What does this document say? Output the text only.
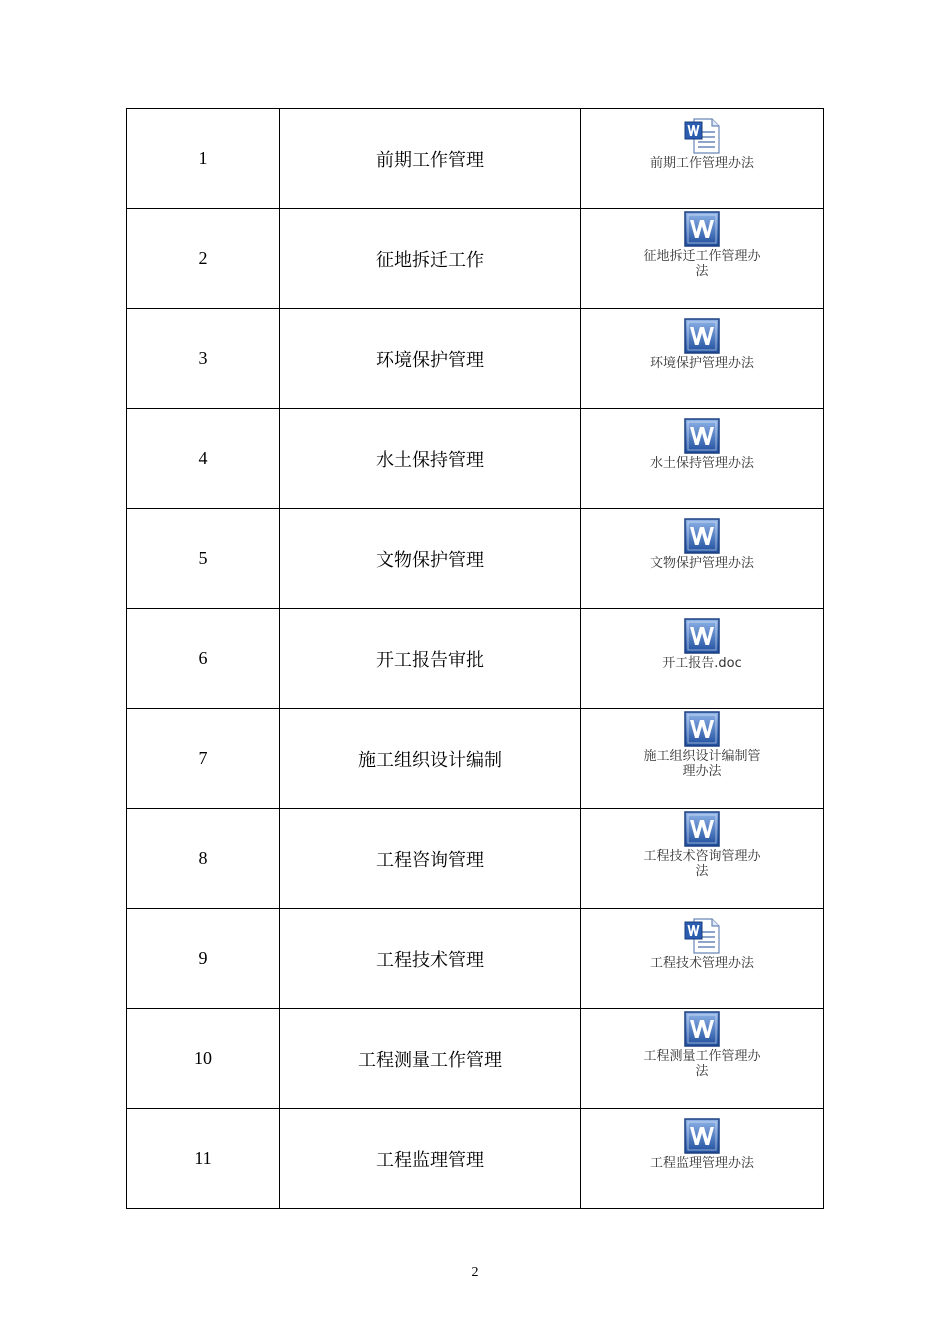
1	前期工作管理	前期工作管理办法

2	征地拆迁工作	征地拆迁工作管理办法

3	环境保护管理	环境保护管理办法

4	水土保持管理	水土保持管理办法

5	文物保护管理	文物保护管理办法

6	开工报告审批	开工报告.doc

7	施工组织设计编制	施工组织设计编制管理办法

8	工程咨询管理	工程技术咨询管理办法

9	工程技术管理	工程技术管理办法

10	工程测量工作管理	工程测量工作管理办法

11	工程监理管理	工程监理管理办法
2
